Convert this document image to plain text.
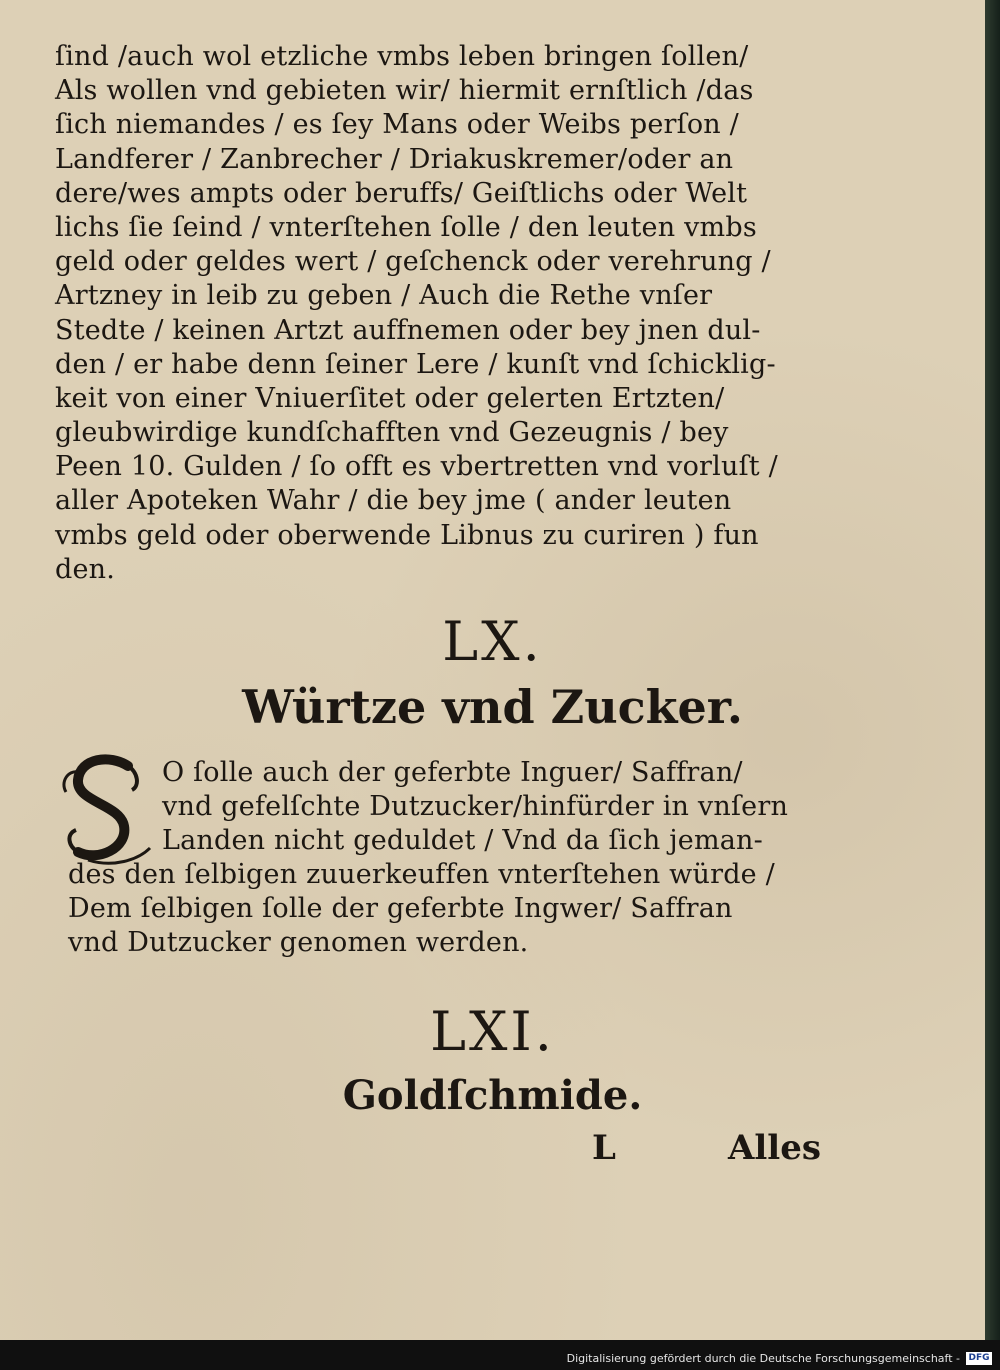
ſind /auch wol etzliche vmbs leben bringen ſollen/
Als wollen vnd gebieten wir/ hiermit ernſtlich /das
ſich niemandes / es ſey Mans oder Weibs perſon /
Landferer / Zanbrecher / Driakuskremer/oder an
dere/wes ampts oder beruffs/ Geiſtlichs oder Welt
lichs ſie ſeind / vnterſtehen ſolle / den leuten vmbs
geld oder geldes wert / geſchenck oder verehrung /
Artzney in leib zu geben / Auch die Rethe vnſer
Stedte / keinen Artzt auffnemen oder bey jnen dul-
den / er habe denn ſeiner Lere / kunſt vnd ſchicklig-
keit von einer Vniuerſitet oder gelerten Ertzten/
gleubwirdige kundſchafften vnd Gezeugnis / bey
Peen 10. Gulden / ſo offt es vbertretten vnd vorluſt /
aller Apoteken Wahr / die bey jme ( ander leuten
vmbs geld oder oberwende Libnus zu curiren ) fun
den.
LX.
Würtze vnd Zucker.
S
O ſolle auch der geferbte Inguer/ Saffran/
vnd gefelſchte Dutzucker/hinfürder in vnſern
Landen nicht geduldet / Vnd da ſich jeman-
des den ſelbigen zuuerkeuffen vnterſtehen würde /
Dem ſelbigen ſolle der geferbte Ingwer/ Saffran
vnd Dutzucker genomen werden.
LXI.
Goldſchmide.
L	Alles
Digitalisierung gefördert durch die Deutsche Forschungsgemeinschaft - DFG
